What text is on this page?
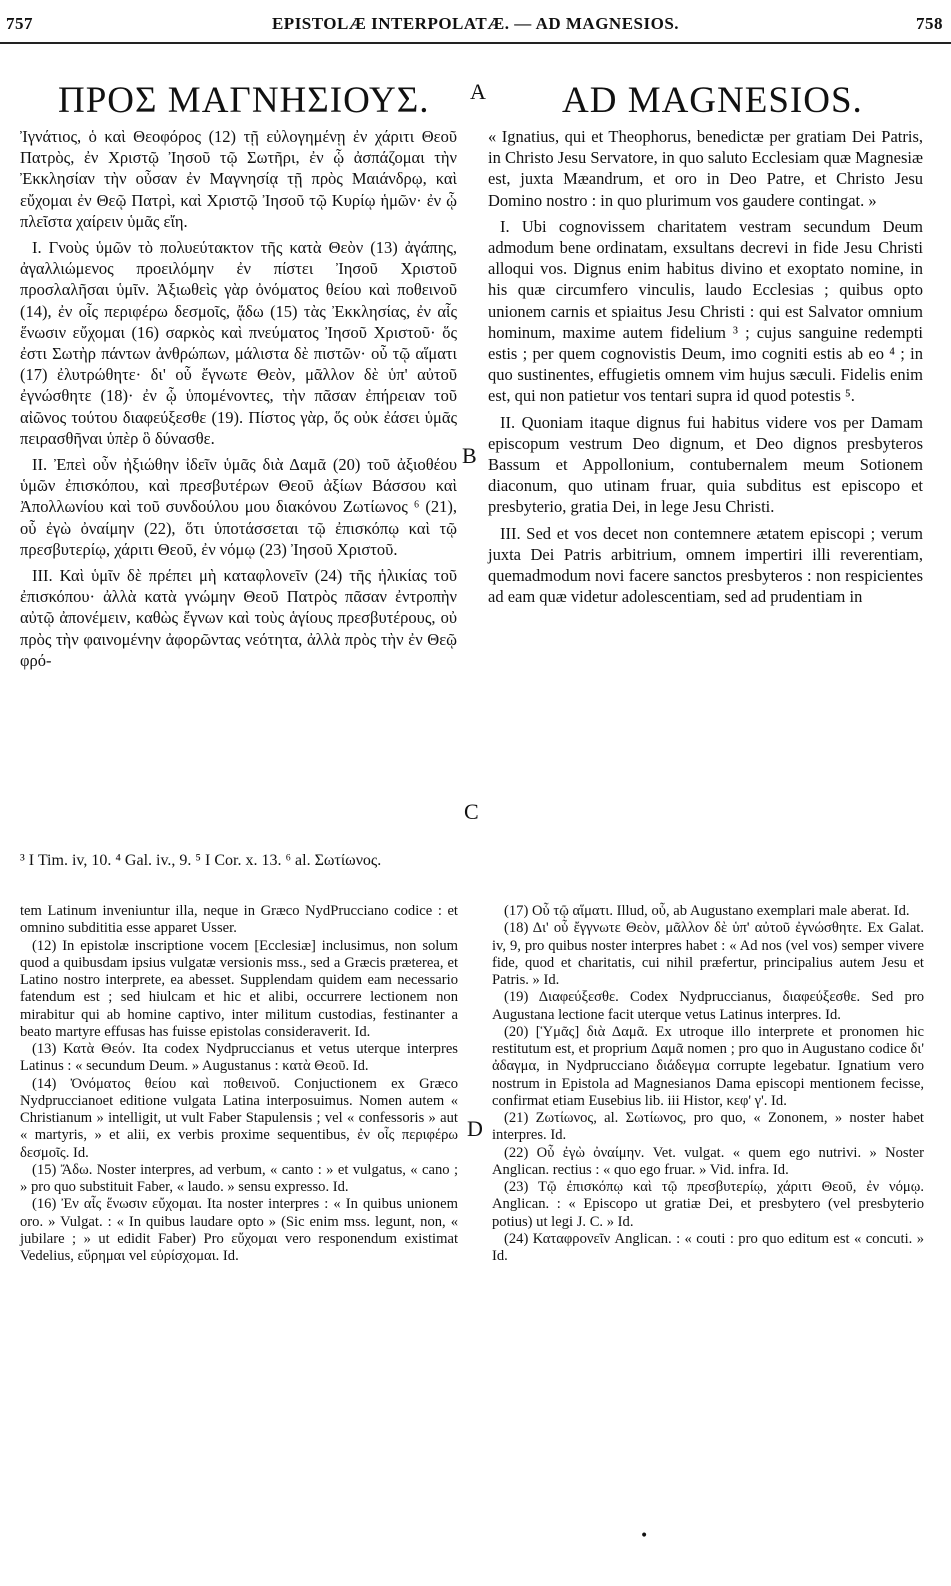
757	EPISTOLÆ INTERPOLATÆ. — AD MAGNESIOS.	758
ΠΡΟΣ ΜΑΓΝΗΣΙΟΥΣ.	AD MAGNESIOS.
A
B
C
D

Ἰγνάτιος, ὁ καὶ Θεοφόρος (12) τῇ εὐλογημένῃ ἐν χάριτι Θεοῦ Πατρὸς, ἐν Χριστῷ Ἰησοῦ τῷ Σωτῆρι, ἐν ᾧ ἀσπάζομαι τὴν Ἐκκλησίαν τὴν οὖσαν ἐν Μαγνησίᾳ τῇ πρὸς Μαιάνδρῳ, καὶ εὔχομαι ἐν Θεῷ Πατρὶ, καὶ Χριστῷ Ἰησοῦ τῷ Κυρίῳ ἡμῶν· ἐν ᾧ πλεῖστα χαίρειν ὑμᾶς εἴη.

I. Γνοὺς ὑμῶν τὸ πολυεύτακτον τῆς κατὰ Θεὸν (13) ἀγάπης, ἀγαλλιώμενος προειλόμην ἐν πίστει Ἰησοῦ Χριστοῦ προσλαλῆσαι ὑμῖν. Ἀξιωθεὶς γὰρ ὀνόματος θείου καὶ ποθεινοῦ (14), ἐν οἷς περιφέρω δεσμοῖς, ᾄδω (15) τὰς Ἐκκλησίας, ἐν αἷς ἕνωσιν εὔχομαι (16) σαρκὸς καὶ πνεύματος Ἰησοῦ Χριστοῦ· ὅς ἐστι Σωτὴρ πάντων ἀνθρώπων, μάλιστα δὲ πιστῶν· οὗ τῷ αἵματι (17) ἐλυτρώθητε· δι' οὗ ἔγνωτε Θεὸν, μᾶλλον δὲ ὑπ' αὐτοῦ ἐγνώσθητε (18)· ἐν ᾧ ὑπομένοντες, τὴν πᾶσαν ἐπήρειαν τοῦ αἰῶνος τούτου διαφεύξεσθε (19). Πίστος γὰρ, ὅς οὐκ ἐάσει ὑμᾶς πειρασθῆναι ὑπὲρ ὃ δύνασθε.

II. Ἐπεὶ οὖν ἠξιώθην ἰδεῖν ὑμᾶς διὰ Δαμᾶ (20) τοῦ ἀξιοθέου ὑμῶν ἐπισκόπου, καὶ πρεσβυτέρων Θεοῦ ἀξίων Βάσσου καὶ Ἀπολλωνίου καὶ τοῦ συνδούλου μου διακόνου Ζωτίωνος ⁶ (21), οὗ ἐγὼ ὀναίμην (22), ὅτι ὑποτάσσεται τῷ ἐπισκόπῳ καὶ τῷ πρεσβυτερίῳ, χάριτι Θεοῦ, ἐν νόμῳ (23) Ἰησοῦ Χριστοῦ.

III. Καὶ ὑμῖν δὲ πρέπει μὴ καταφλονεῖν (24) τῆς ἡλικίας τοῦ ἐπισκόπου· ἀλλὰ κατὰ γνώμην Θεοῦ Πατρὸς πᾶσαν ἐντροπὴν αὐτῷ ἀπονέμειν, καθὼς ἔγνων καὶ τοὺς ἁγίους πρεσβυτέρους, οὐ πρὸς τὴν φαινομένην ἀφορῶντας νεότητα, ἀλλὰ πρὸς τὴν ἐν Θεῷ φρό-

« Ignatius, qui et Theophorus, benedictæ per gratiam Dei Patris, in Christo Jesu Servatore, in quo saluto Ecclesiam quæ Magnesiæ est, juxta Mæandrum, et oro in Deo Patre, et Christo Jesu Domino nostro : in quo plurimum vos gaudere contingat. »

I. Ubi cognovissem charitatem vestram secundum Deum admodum bene ordinatam, exsultans decrevi in fide Jesu Christi alloqui vos. Dignus enim habitus divino et exoptato nomine, in his quæ circumfero vinculis, laudo Ecclesias ; quibus opto unionem carnis et spiaitus Jesu Christi : qui est Salvator omnium hominum, maxime autem fidelium ³ ; cujus sanguine redempti estis ; per quem cognovistis Deum, imo cogniti estis ab eo ⁴ ; in quo sustinentes, effugietis omnem vim hujus sæculi. Fidelis enim est, qui non patietur vos tentari supra id quod potestis ⁵.

II. Quoniam itaque dignus fui habitus videre vos per Damam episcopum vestrum Deo dignum, et Deo dignos presbyteros Bassum et Appollonium, contubernalem meum Sotionem diaconum, quo utinam fruar, quia subditus est episcopo et presbyterio, gratia Dei, in lege Jesu Christi.

III. Sed et vos decet non contemnere ætatem episcopi ; verum juxta Dei Patris arbitrium, omnem impertiri illi reverentiam, quemadmodum novi facere sanctos presbyteros : non respicientes ad eam quæ videtur adolescentiam, sed ad prudentiam in

³ I Tim. iv, 10. ⁴ Gal. iv., 9. ⁵ I Cor. x. 13. ⁶ al. Σωτίωνος.

tem Latinum inveniuntur illa, neque in Græco NydPrucciano codice : et omnino subdititia esse apparet Usser.

(12) In epistolæ inscriptione vocem [Ecclesiæ] inclusimus, non solum quod a quibusdam ipsius vulgatæ versionis mss., sed a Græcis præterea, et Latino nostro interprete, ea abesset. Supplendam quidem eam necessario fatendum est ; sed hiulcam et hic et alibi, occurrere lectionem non mirabitur qui ab homine captivo, inter militum custodias, festinanter a beato martyre effusas has fuisse epistolas consideraverit. Id.

(13) Κατὰ Θεόν. Ita codex Nydpruccianus et vetus uterque interpres Latinus : « secundum Deum. » Augustanus : κατὰ Θεοῦ. Id.

(14) Ὀνόματος θείου καὶ ποθεινοῦ. Conjuctionem ex Græco Nydpruccianoet editione vulgata Latina interposuimus. Nomen autem « Christianum » intelligit, ut vult Faber Stapulensis ; vel « confessoris » aut « martyris, » et alii, ex verbis proxime sequentibus, ἐν οἷς περιφέρω δεσμοῖς. Id.

(15) Ἄδω. Noster interpres, ad verbum, « canto : » et vulgatus, « cano ; » pro quo substituit Faber, « laudo. » sensu expresso. Id.

(16) Ἐν αἷς ἕνωσιν εὔχομαι. Ita noster interpres : « In quibus unionem oro. » Vulgat. : « In quibus laudare opto » (Sic enim mss. legunt, non, « jubilare ; » ut edidit Faber) Pro εὔχομαι vero responendum existimat Vedelius, εὔρημαι vel εὐρίσχομαι. Id.

(17) Οὗ τῷ αἵματι. Illud, οὗ, ab Augustano exemplari male aberat. Id.

(18) Δι' οὗ ἔγγνωτε Θεὸν, μᾶλλον δὲ ὑπ' αὐτοῦ ἐγνώσθητε. Ex Galat. iv, 9, pro quibus noster interpres habet : « Ad nos (vel vos) semper vivere fide, quod et charitatis, cui nihil præfertur, principalius autem Jesu et Patris. » Id.

(19) Διαφεύξεσθε. Codex Nydpruccianus, διαφεύξεσθε. Sed pro Augustana lectione facit uterque vetus Latinus interpres. Id.

(20) [Ὑμᾶς] διὰ Δαμᾶ. Ex utroque illo interprete et pronomen hic restitutum est, et proprium Δαμᾶ nomen ; pro quo in Augustano codice δι' ἀδαγμα, in Nydprucciano διάδεγμα corrupte legebatur. Ignatium vero nostrum in Epistola ad Magnesianos Dama episcopi mentionem fecisse, confirmat etiam Eusebius lib. iii Histor, κεφ' γ'. Id.

(21) Ζωτίωνος, al. Σωτίωνος, pro quo, « Zononem, » noster habet interpres. Id.

(22) Οὗ ἐγὼ ὀναίμην. Vet. vulgat. « quem ego nutrivi. » Noster Anglican. rectius : « quo ego fruar. » Vid. infra. Id.

(23) Τῷ ἐπισκόπῳ καὶ τῷ πρεσβυτερίῳ, χάριτι Θεοῦ, ἐν νόμῳ. Anglican. : « Episcopo ut gratiæ Dei, et presbytero (vel presbyterio potius) ut legi J. C. » Id.

(24) Καταφρονεῖν Anglican. : « couti : pro quo editum est « concuti. » Id.

•
